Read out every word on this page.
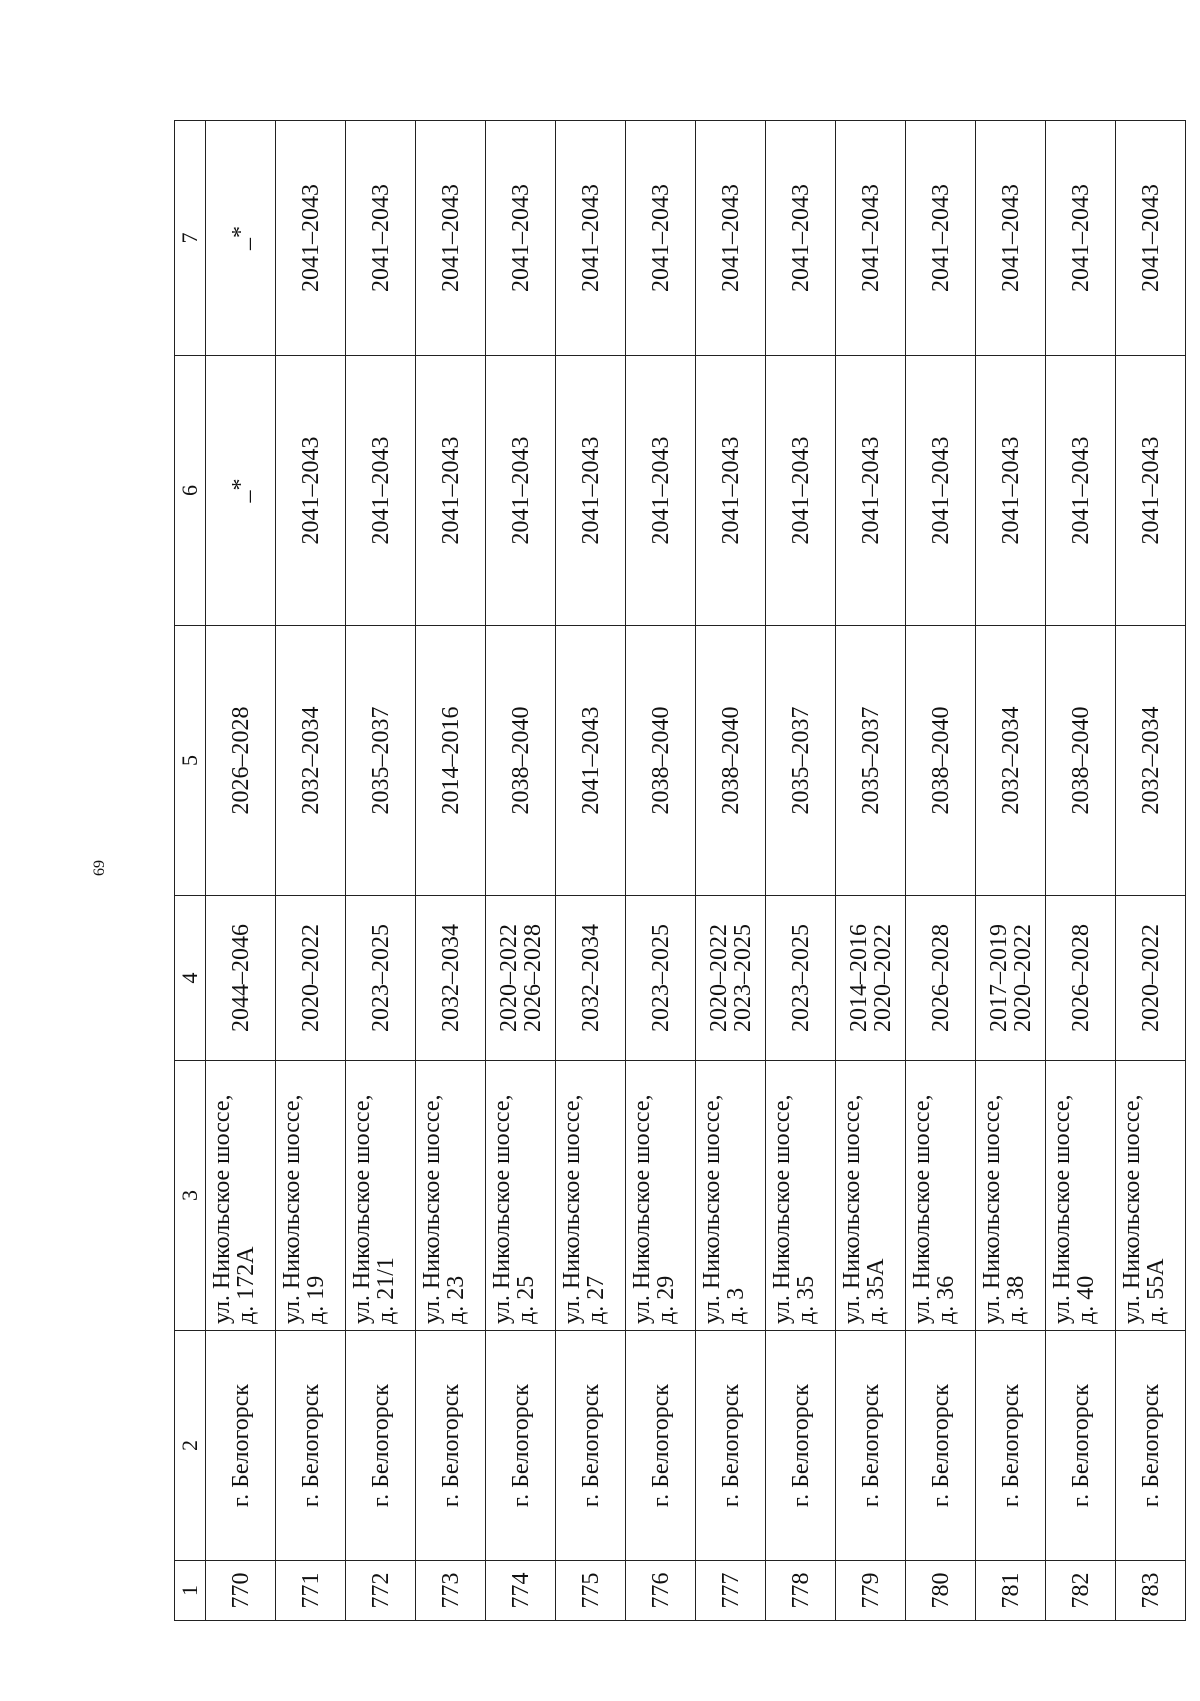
69
1	2	3	4	5	6	7
770	г. Белогорск	ул. Никольское шоссе,
д. 172А	2044–2046	2026–2028	_*	_*
771	г. Белогорск	ул. Никольское шоссе,
д. 19	2020–2022	2032–2034	2041–2043	2041–2043
772	г. Белогорск	ул. Никольское шоссе,
д. 21/1	2023–2025	2035–2037	2041–2043	2041–2043
773	г. Белогорск	ул. Никольское шоссе,
д. 23	2032–2034	2014–2016	2041–2043	2041–2043
774	г. Белогорск	ул. Никольское шоссе,
д. 25	2020–2022
2026–2028	2038–2040	2041–2043	2041–2043
775	г. Белогорск	ул. Никольское шоссе,
д. 27	2032–2034	2041–2043	2041–2043	2041–2043
776	г. Белогорск	ул. Никольское шоссе,
д. 29	2023–2025	2038–2040	2041–2043	2041–2043
777	г. Белогорск	ул. Никольское шоссе,
д. 3	2020–2022
2023–2025	2038–2040	2041–2043	2041–2043
778	г. Белогорск	ул. Никольское шоссе,
д. 35	2023–2025	2035–2037	2041–2043	2041–2043
779	г. Белогорск	ул. Никольское шоссе,
д. 35А	2014–2016
2020–2022	2035–2037	2041–2043	2041–2043
780	г. Белогорск	ул. Никольское шоссе,
д. 36	2026–2028	2038–2040	2041–2043	2041–2043
781	г. Белогорск	ул. Никольское шоссе,
д. 38	2017–2019
2020–2022	2032–2034	2041–2043	2041–2043
782	г. Белогорск	ул. Никольское шоссе,
д. 40	2026–2028	2038–2040	2041–2043	2041–2043
783	г. Белогорск	ул. Никольское шоссе,
д. 55А	2020–2022	2032–2034	2041–2043	2041–2043
